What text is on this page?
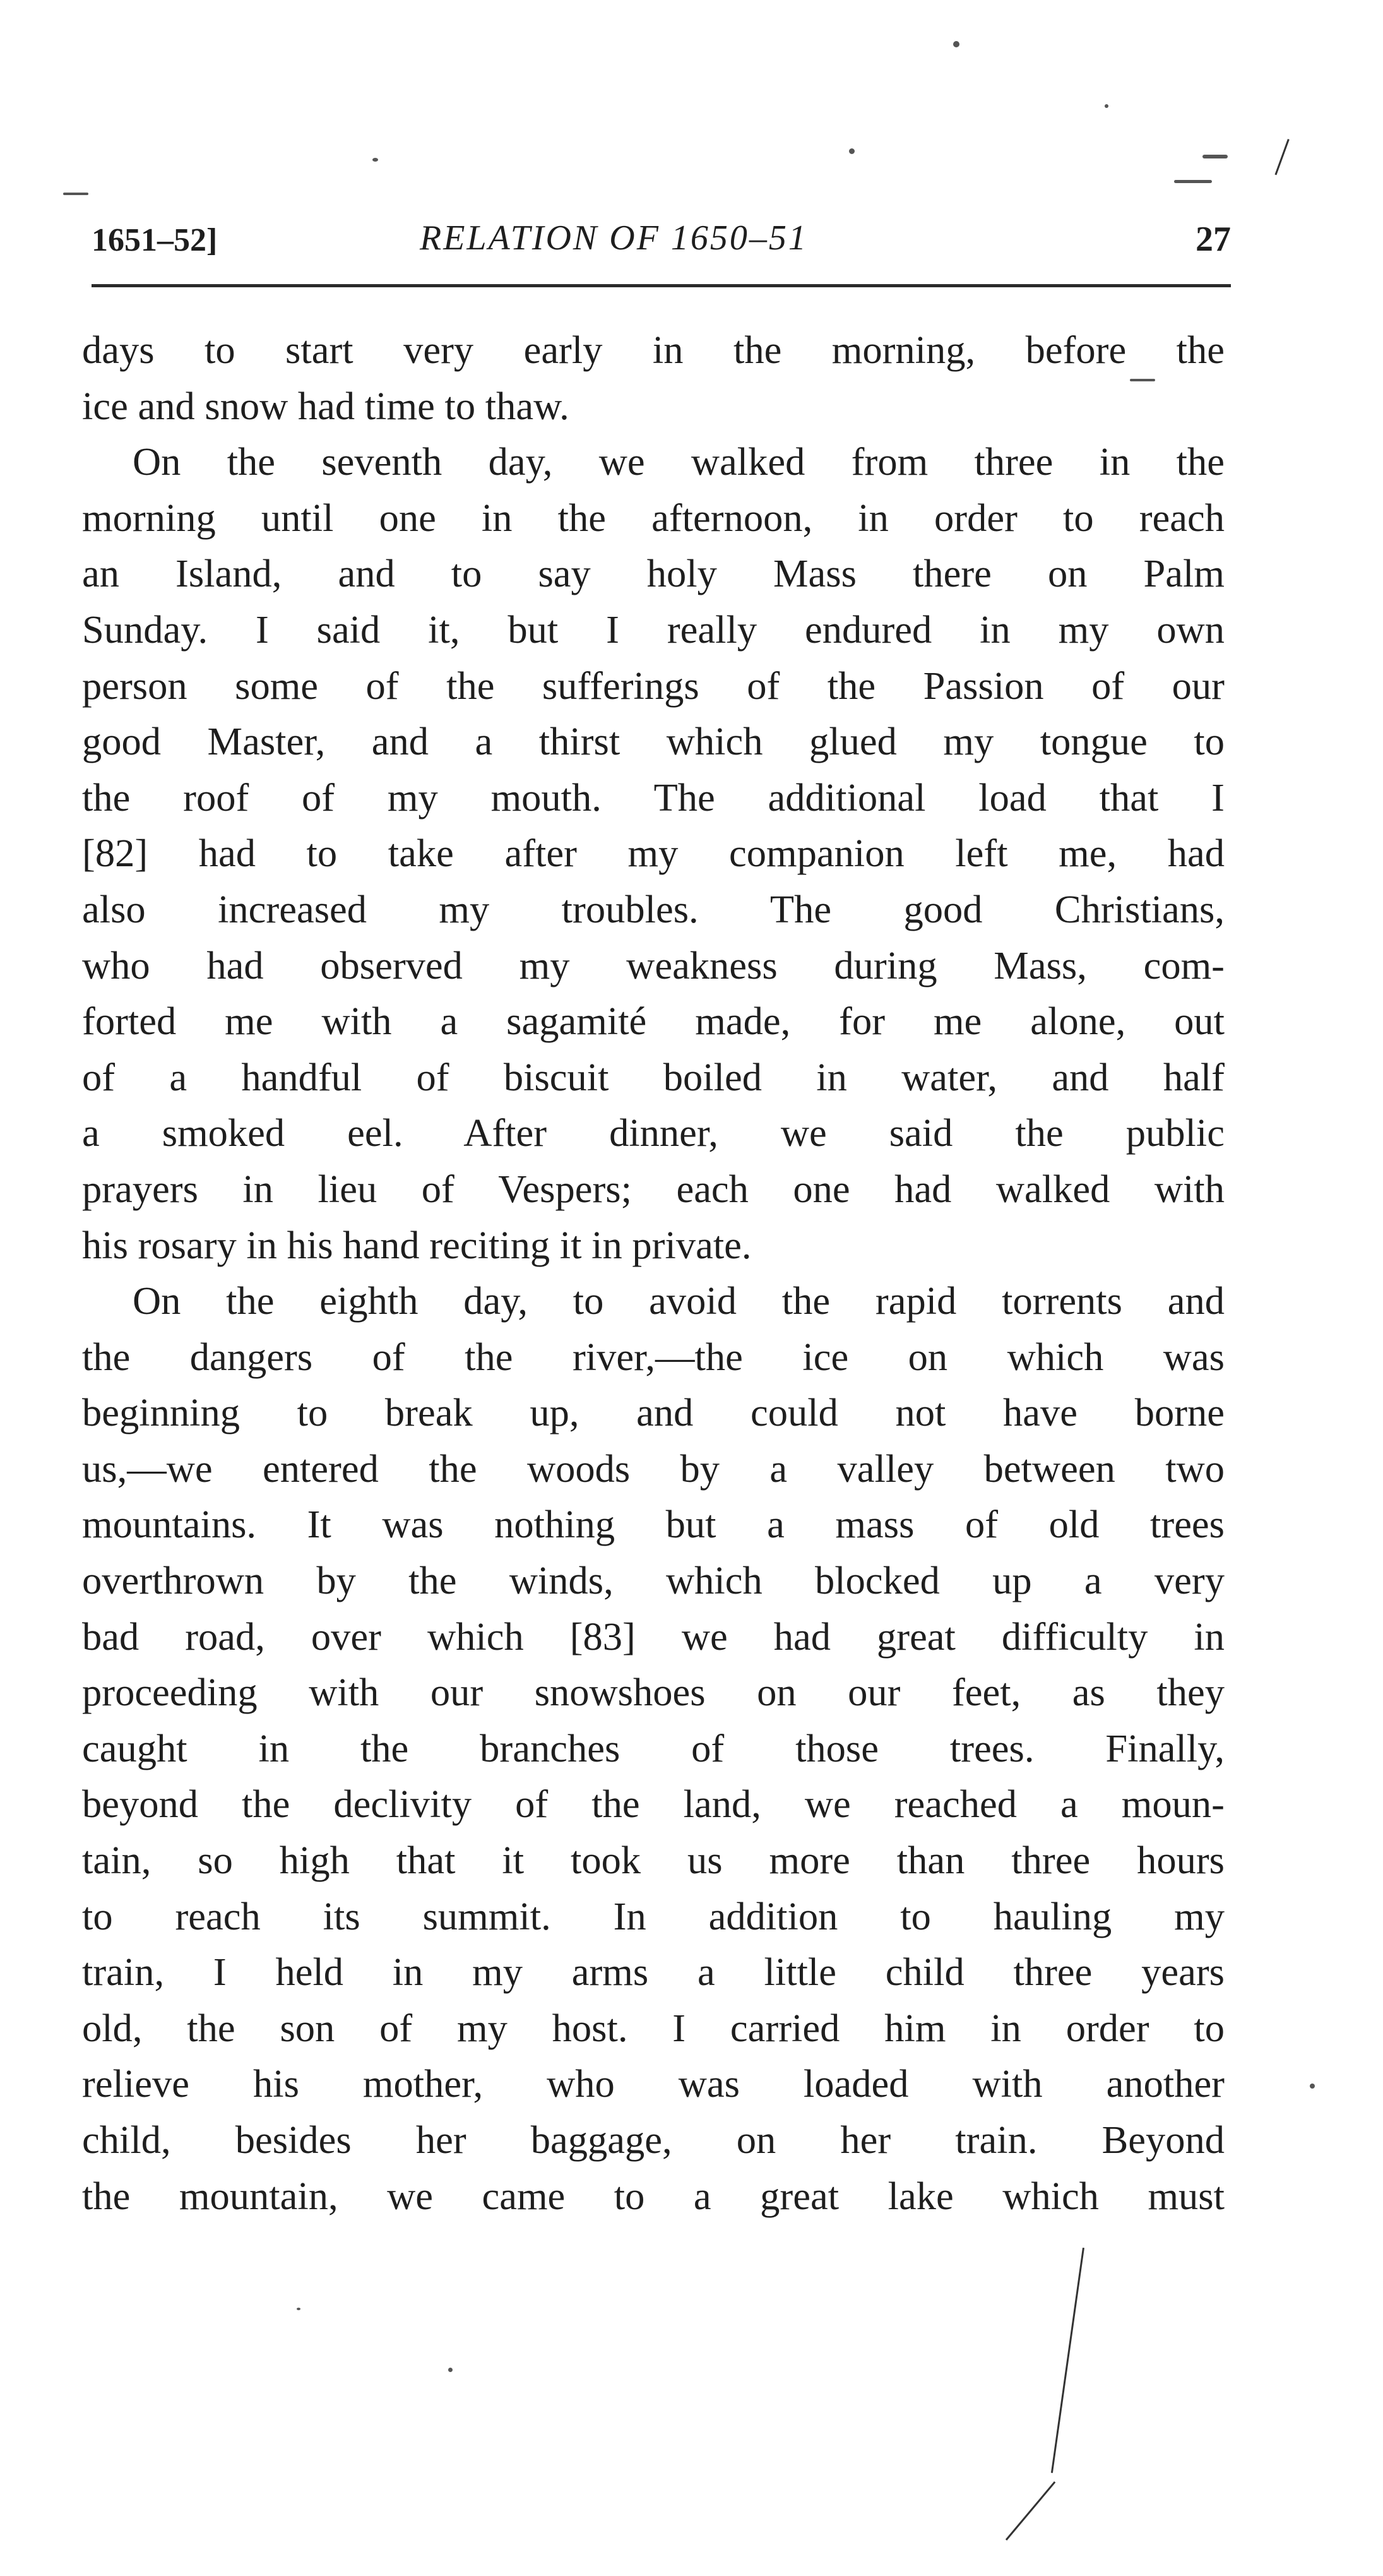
1651–52]	RELATION OF 1650–51	27
days to start very early in the morning, before the
ice and snow had time to thaw.
On the seventh day, we walked from three in the
morning until one in the afternoon, in order to reach
an Island, and to say holy Mass there on Palm
Sunday. I said it, but I really endured in my own
person some of the sufferings of the Passion of our
good Master, and a thirst which glued my tongue to
the roof of my mouth. The additional load that I
[82] had to take after my companion left me, had
also increased my troubles. The good Christians,
who had observed my weakness during Mass, com-
forted me with a sagamité made, for me alone, out
of a handful of biscuit boiled in water, and half
a smoked eel. After dinner, we said the public
prayers in lieu of Vespers; each one had walked with
his rosary in his hand reciting it in private.
On the eighth day, to avoid the rapid torrents and
the dangers of the river,—the ice on which was
beginning to break up, and could not have borne
us,—we entered the woods by a valley between two
mountains. It was nothing but a mass of old trees
overthrown by the winds, which blocked up a very
bad road, over which [83] we had great difficulty in
proceeding with our snowshoes on our feet, as they
caught in the branches of those trees. Finally,
beyond the declivity of the land, we reached a moun-
tain, so high that it took us more than three hours
to reach its summit. In addition to hauling my
train, I held in my arms a little child three years
old, the son of my host. I carried him in order to
relieve his mother, who was loaded with another
child, besides her baggage, on her train. Beyond
the mountain, we came to a great lake which must
